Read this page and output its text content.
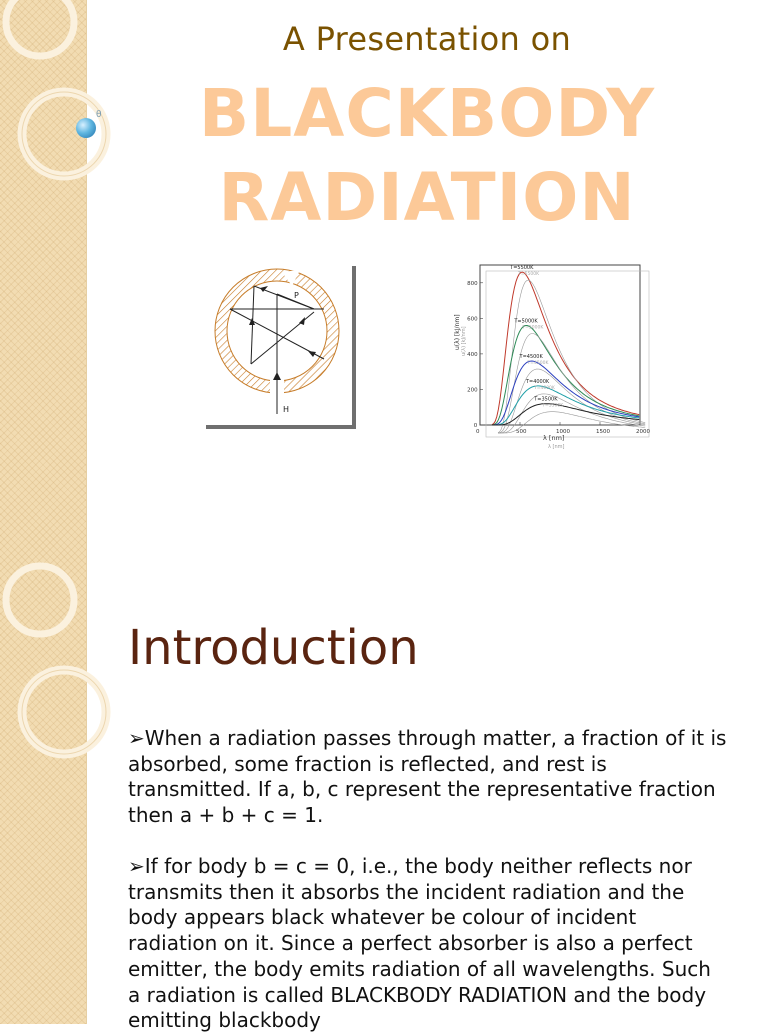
θ
A Presentation on
BLACKBODY
RADIATION
P
H
0	500	1000	1500	2000
0
200
400
600
800
T=5500K
T=5500K
T=5000K
T=5000K
T=4500K
T=4500K
T=4000K
T=4000K
T=3500K
T=3500K
u(λ) [kJ/nm] u(λ) [kJ/nm]
λ [nm]
λ [nm]
Introduction
➢When a radiation passes through matter, a fraction of it is absorbed, some fraction is reflected, and rest is transmitted. If a, b, c represent the representative fraction then a + b + c = 1.
➢If for body b = c = 0, i.e., the body neither reflects nor transmits then it absorbs the incident radiation and the body appears black whatever be colour of incident radiation on it. Since a perfect absorber is also a perfect emitter, the body emits radiation of all wavelengths. Such a radiation is called BLACKBODY RADIATION and the body emitting blackbody
